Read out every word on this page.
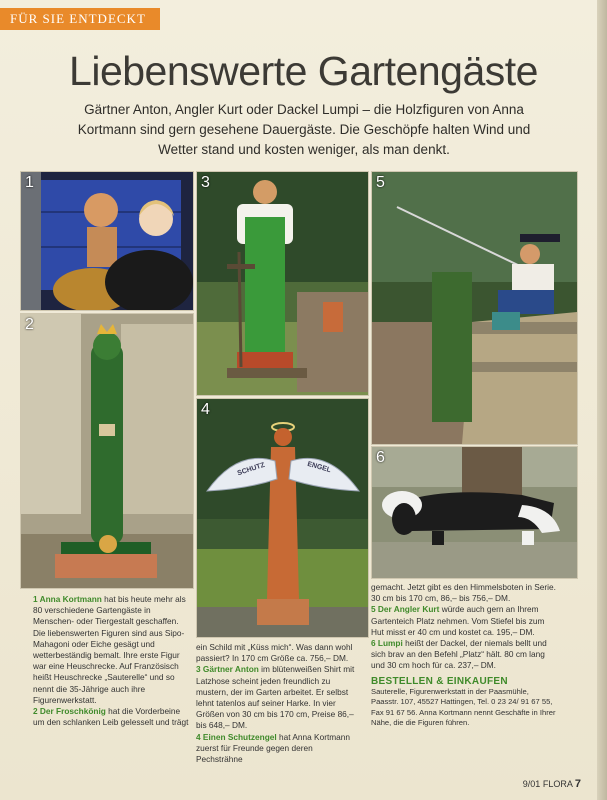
FÜR SIE ENTDECKT
Liebenswerte Gartengäste
Gärtner Anton, Angler Kurt oder Dackel Lumpi – die Holzfiguren von Anna Kortmann sind gern gesehene Dauergäste. Die Geschöpfe halten Wind und Wetter stand und kosten weniger, als man denkt.
1
2
3
SCHUTZ	ENGEL
4
5
6

1 Anna Kortmann hat bis heute mehr als 80 verschiedene Gartengäste in Menschen- oder Tiergestalt geschaffen. Die liebenswerten Figuren sind aus Sipo-Mahagoni oder Eiche gesägt und wetterbeständig bemalt. Ihre erste Figur war eine Heuschrecke. Auf Französisch heißt Heuschrecke „Sauterelle“ und so nennt die 35-Jährige auch ihre Figurenwerkstatt.

2 Der Froschkönig hat die Vorderbeine um den schlanken Leib gelesselt und trägt

ein Schild mit „Küss mich“. Was dann wohl passiert? In 170 cm Größe ca. 756,– DM.

3 Gärtner Anton im blütenweißen Shirt mit Latzhose scheint jeden freundlich zu mustern, der im Garten arbeitet. Er selbst lehnt tatenlos auf seiner Harke. In vier Größen von 30 cm bis 170 cm, Preise 86,– bis 648,– DM.

4 Einen Schutzengel hat Anna Kortmann zuerst für Freunde gegen deren Pechsträhne

gemacht. Jetzt gibt es den Himmelsboten in Serie. 30 cm bis 170 cm, 86,– bis 756,– DM.

5 Der Angler Kurt würde auch gern an Ihrem Gartenteich Platz nehmen. Vom Stiefel bis zum Hut misst er 40 cm und kostet ca. 195,– DM.

6 Lumpi heißt der Dackel, der niemals bellt und sich brav an den Befehl „Platz“ hält. 80 cm lang und 30 cm hoch für ca. 237,– DM.

BESTELLEN & EINKAUFEN

Sauterelle, Figurenwerkstatt in der Paasmühle, Paasstr. 107, 45527 Hattingen, Tel. 0 23 24/ 91 67 55, Fax 91 67 56. Anna Kortmann nennt Geschäfte in Ihrer Nähe, die die Figuren führen.

9/01 FLORA 7
